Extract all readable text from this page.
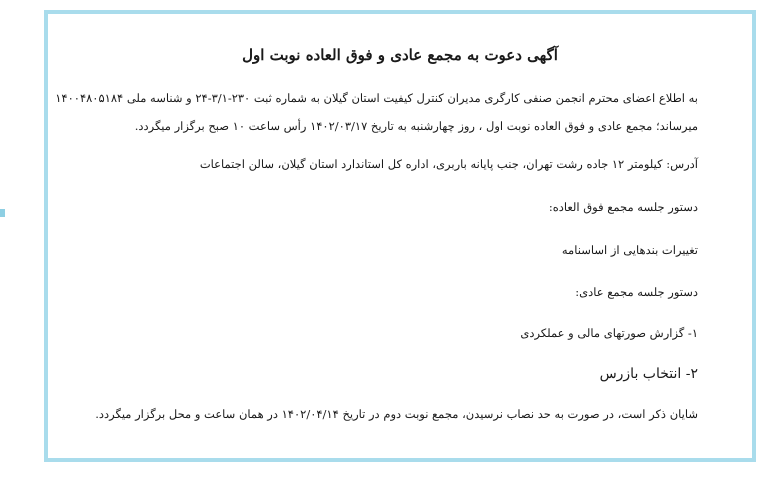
آگهی دعوت به مجمع عادی و فوق العاده نوبت اول
به اطلاع اعضای محترم انجمن صنفی کارگری مدیران کنترل کیفیت استان گیلان به شماره ثبت ۲۳۰-۳/۱-۲۴ و شناسه ملی ۱۴۰۰۴۸۰۵۱۸۴
میرساند؛ مجمع عادی و فوق العاده نوبت اول ، روز چهارشنبه به تاریخ ۱۴۰۲/۰۳/۱۷ رأس ساعت ۱۰ صبح برگزار میگردد.
آدرس: کیلومتر ۱۲ جاده رشت تهران، جنب پایانه باربری، اداره کل استاندارد استان گیلان، سالن اجتماعات
دستور جلسه مجمع فوق العاده:
تغییرات بندهایی از اساسنامه
دستور جلسه مجمع عادی:
۱- گزارش صورتهای مالی و عملکردی
۲- انتخاب بازرس
شایان ذکر است، در صورت به حد نصاب نرسیدن، مجمع نوبت دوم در تاریخ ۱۴۰۲/۰۴/۱۴ در همان ساعت و محل برگزار میگردد.
